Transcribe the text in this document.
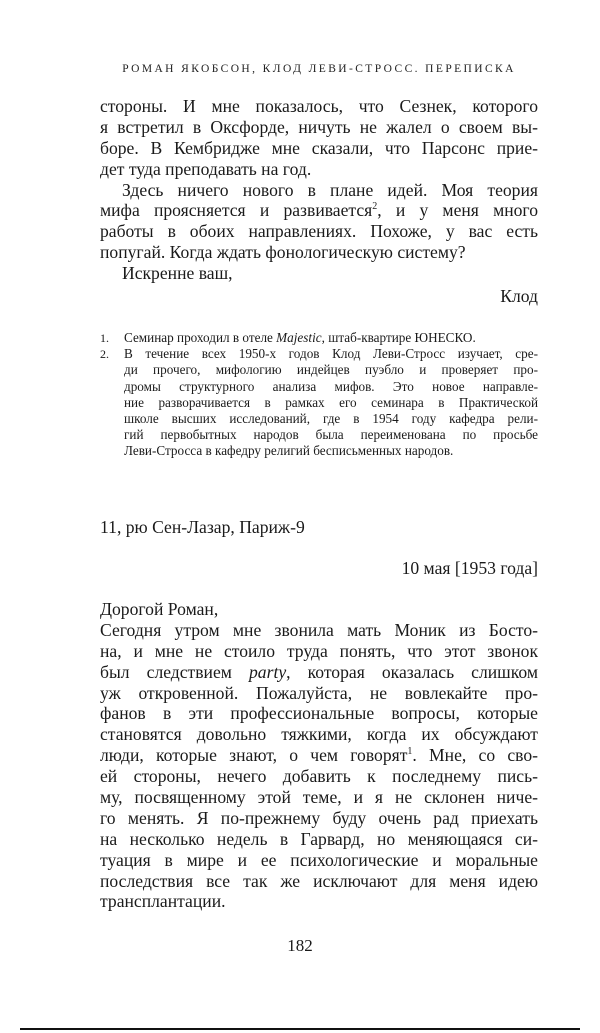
РОМАН ЯКОБСОН, КЛОД ЛЕВИ-СТРОСС. ПЕРЕПИСКА
стороны. И мне показалось, что Сезнек, которого
я встретил в Оксфорде, ничуть не жалел о своем вы-
боре. В Кембридже мне сказали, что Парсонс прие-
дет туда преподавать на год.
Здесь ничего нового в плане идей. Моя теория
мифа проясняется и развивается$^2$, и у меня много
работы в обоих направлениях. Похоже, у вас есть
попугай. Когда ждать фонологическую систему?
Искренне ваш,
Клод
1. Семинар проходил в отеле Majestic, штаб-квартире ЮНЕСКО.
2. В течение всех 1950-х годов Клод Леви-Стросс изучает, сре-
ди прочего, мифологию индейцев пуэбло и проверяет про-
дромы структурного анализа мифов. Это новое направле-
ние разворачивается в рамках его семинара в Практической
школе высших исследований, где в 1954 году кафедра рели-
гий первобытных народов была переименована по просьбе
Леви-Стросса в кафедру религий бесписьменных народов.
11, рю Сен-Лазар, Париж-9
10 мая [1953 года]
Дорогой Роман,
Сегодня утром мне звонила мать Моник из Босто-
на, и мне не стоило труда понять, что этот звонок
был следствием party, которая оказалась слишком
уж откровенной. Пожалуйста, не вовлекайте про-
фанов в эти профессиональные вопросы, которые
становятся довольно тяжкими, когда их обсуждают
люди, которые знают, о чем говорят$^1$. Мне, со сво-
ей стороны, нечего добавить к последнему пись-
му, посвященному этой теме, и я не склонен ниче-
го менять. Я по-прежнему буду очень рад приехать
на несколько недель в Гарвард, но меняющаяся си-
туация в мире и ее психологические и моральные
последствия все так же исключают для меня идею
трансплантации.
182
